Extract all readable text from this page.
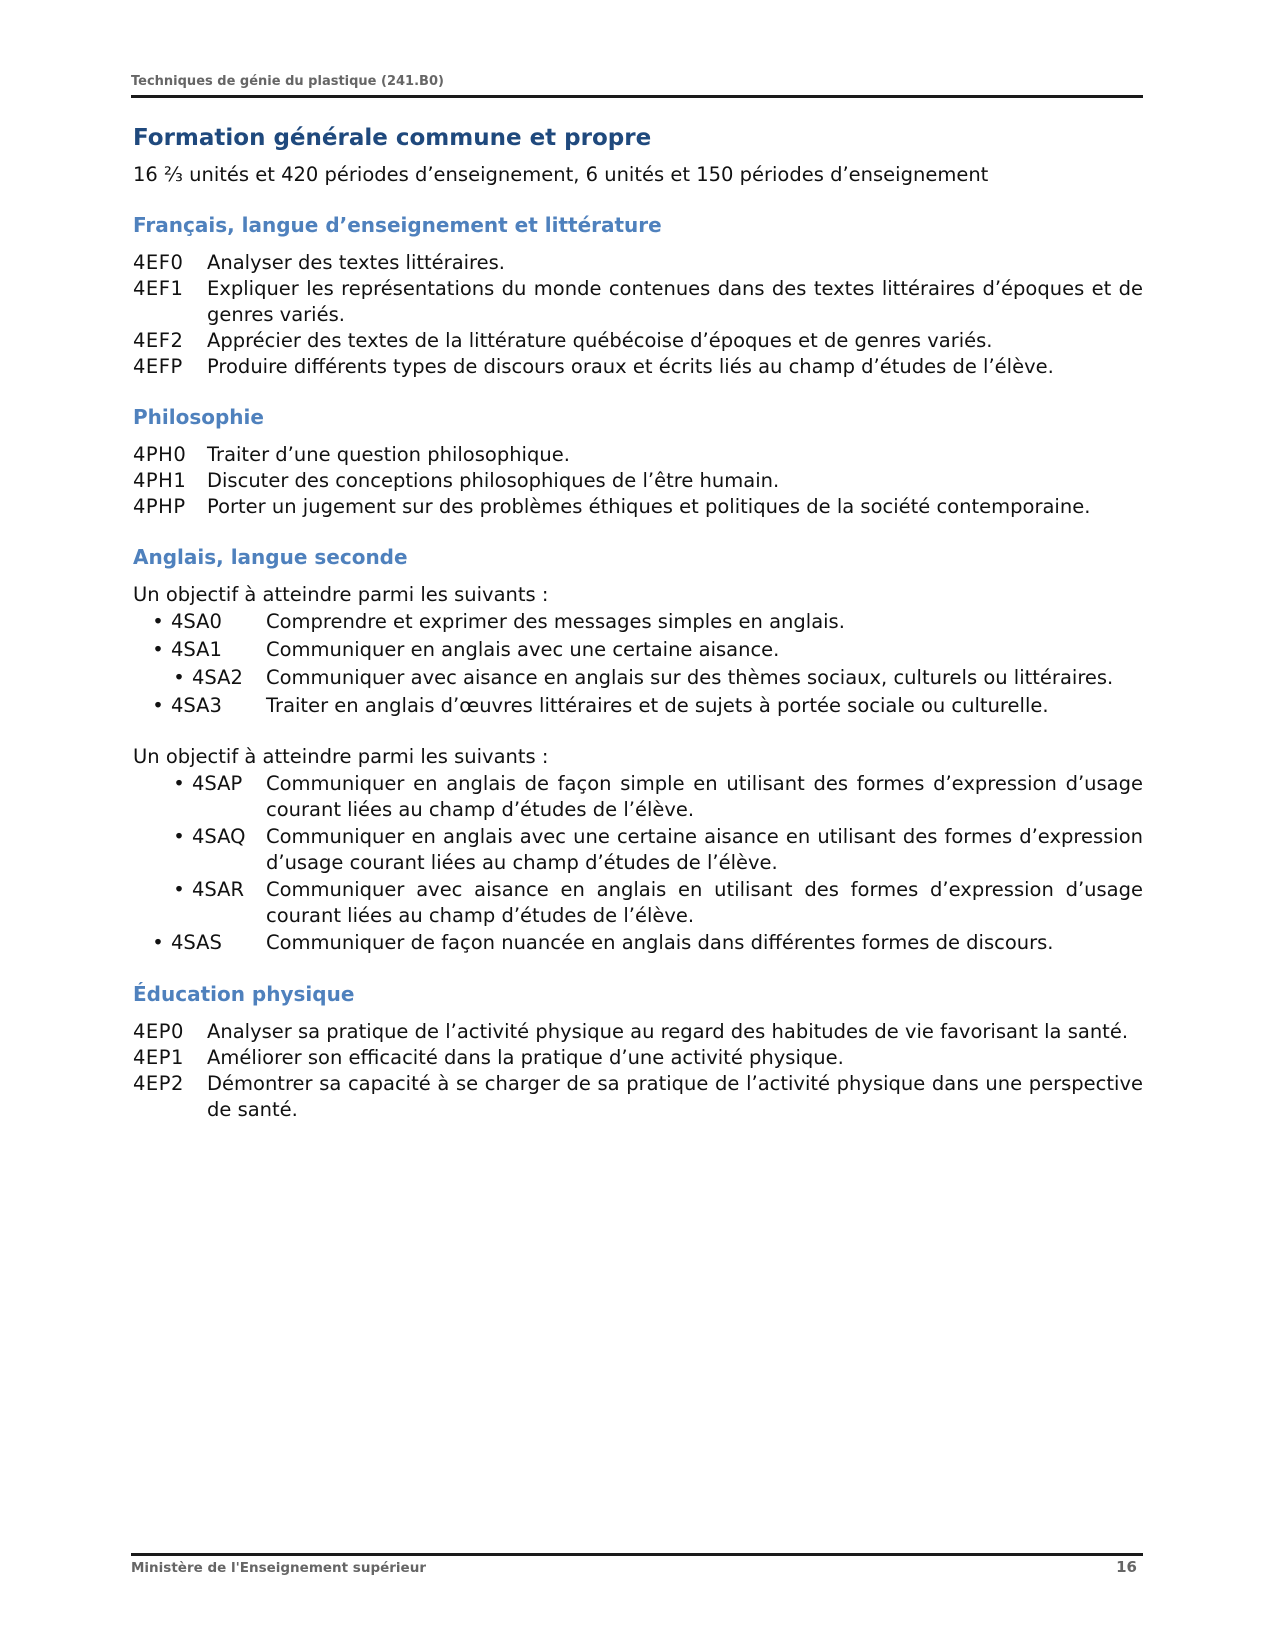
Techniques de génie du plastique (241.B0)
Formation générale commune et propre

16 ⅔ unités et 420 périodes d’enseignement, 6 unités et 150 périodes d’enseignement

Français, langue d’enseignement et littérature
4EF0	Analyser des textes littéraires.
4EF1	Expliquer les représentations du monde contenues dans des textes littéraires d’époques et de genres variés.
4EF2	Apprécier des textes de la littérature québécoise d’époques et de genres variés.
4EFP	Produire différents types de discours oraux et écrits liés au champ d’études de l’élève.
Philosophie
4PH0	Traiter d’une question philosophique.
4PH1	Discuter des conceptions philosophiques de l’être humain.
4PHP	Porter un jugement sur des problèmes éthiques et politiques de la société contemporaine.
Anglais, langue seconde

Un objectif à atteindre parmi les suivants :

• 4SA0	Comprendre et exprimer des messages simples en anglais.
• 4SA1	Communiquer en anglais avec une certaine aisance.
• 4SA2	Communiquer avec aisance en anglais sur des thèmes sociaux, culturels ou littéraires.
• 4SA3	Traiter en anglais d’œuvres littéraires et de sujets à portée sociale ou culturelle.

Un objectif à atteindre parmi les suivants :

• 4SAP	Communiquer en anglais de façon simple en utilisant des formes d’expression d’usage courant liées au champ d’études de l’élève.
• 4SAQ	Communiquer en anglais avec une certaine aisance en utilisant des formes d’expression d’usage courant liées au champ d’études de l’élève.
• 4SAR	Communiquer avec aisance en anglais en utilisant des formes d’expression d’usage courant liées au champ d’études de l’élève.
• 4SAS	Communiquer de façon nuancée en anglais dans différentes formes de discours.
Éducation physique
4EP0	Analyser sa pratique de l’activité physique au regard des habitudes de vie favorisant la santé.
4EP1	Améliorer son efficacité dans la pratique d’une activité physique.
4EP2	Démontrer sa capacité à se charger de sa pratique de l’activité physique dans une perspective de santé.
Ministère de l'Enseignement supérieur	16
